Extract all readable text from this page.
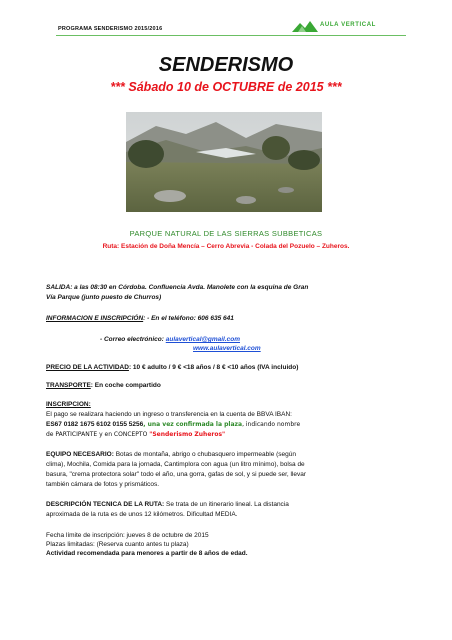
PROGRAMA SENDERISMO 2015/2016
AULA VERTICAL
SENDERISMO
*** Sábado 10 de OCTUBRE de 2015 ***
PARQUE NATURAL DE LAS SIERRAS SUBBETICAS
Ruta: Estación de Doña Mencía – Cerro Abrevia - Colada del Pozuelo – Zuheros.
SALIDA: a las 08:30 en Córdoba. Confluencia Avda. Manolete con la esquina de Gran
Vía Parque (junto puesto de Churros)
INFORMACION E INSCRIPCIÓN: - En el teléfono: 606 635 641
- Correo electrónico: aulavertical@gmail.com
www.aulavertical.com
PRECIO DE LA ACTIVIDAD: 10 € adulto / 9 € <18 años / 8 € <10 años (IVA incluido)
TRANSPORTE: En coche compartido
INSCRIPCION:
El pago se realizara haciendo un ingreso o transferencia en la cuenta de BBVA IBAN:
ES67 0182 1675 6102 0155 5256, una vez confirmada la plaza, indicando nombre
de PARTICIPANTE y en CONCEPTO "Senderismo Zuheros"
EQUIPO NECESARIO: Botas de montaña, abrigo o chubasquero impermeable (según
clima), Mochila, Comida para la jornada, Cantimplora con agua (un litro mínimo), bolsa de
basura, "crema protectora solar" todo el año, una gorra, gafas de sol, y si puede ser, llevar
también cámara de fotos y prismáticos.
DESCRIPCIÓN TECNICA DE LA RUTA: Se trata de un itinerario lineal. La distancia
aproximada de la ruta es de unos 12 kilómetros. Dificultad MEDIA.
Fecha límite de inscripción: jueves 8 de octubre de 2015
Plazas limitadas: (Reserva cuanto antes tu plaza)
Actividad recomendada para menores a partir de 8 años de edad.
